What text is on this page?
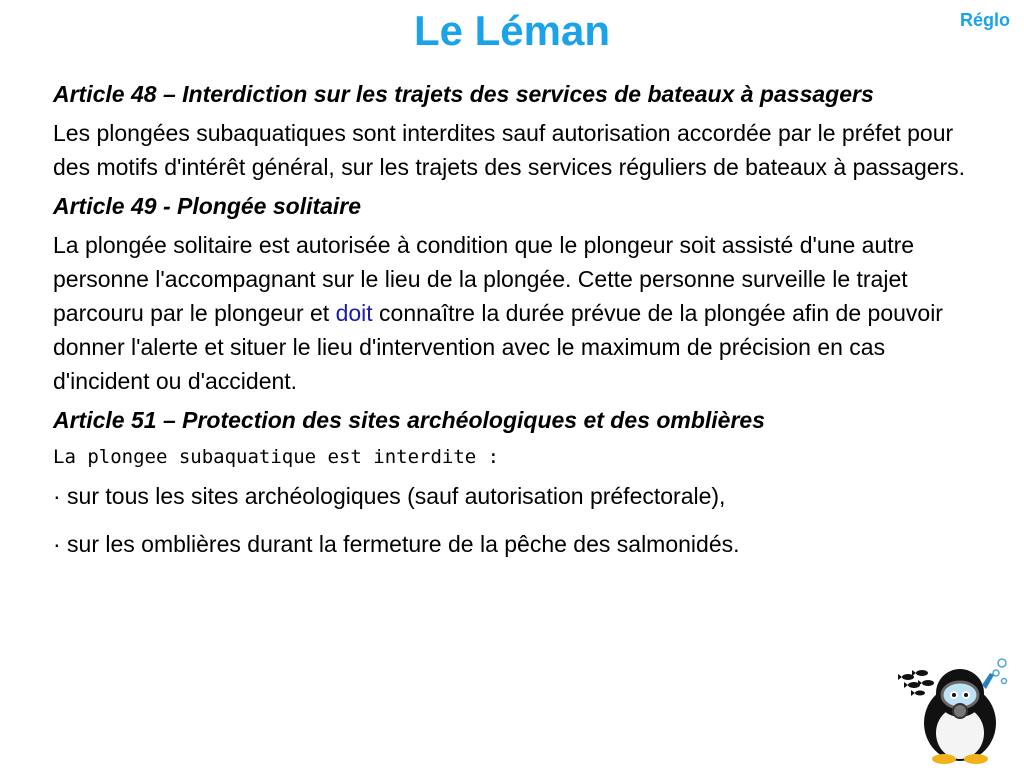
Le Léman	Réglo

Article 48 – Interdiction sur les trajets des services de bateaux à passagers

Les plongées subaquatiques sont interdites sauf autorisation accordée par le préfet pour des motifs d'intérêt général, sur les trajets des services réguliers de bateaux à passagers.

Article 49 - Plongée solitaire

La plongée solitaire est autorisée à condition que le plongeur soit assisté d'une autre personne l'accompagnant sur le lieu de la plongée. Cette personne surveille le trajet parcouru par le plongeur et doit connaître la durée prévue de la plongée afin de pouvoir donner l'alerte et situer le lieu d'intervention avec le maximum de précision en cas d'incident ou d'accident.

Article 51 – Protection des sites archéologiques et des omblières

La plongee subaquatique est interdite :

· sur tous les sites archéologiques (sauf autorisation préfectorale),

· sur les omblières durant la fermeture de la pêche des salmonidés.
